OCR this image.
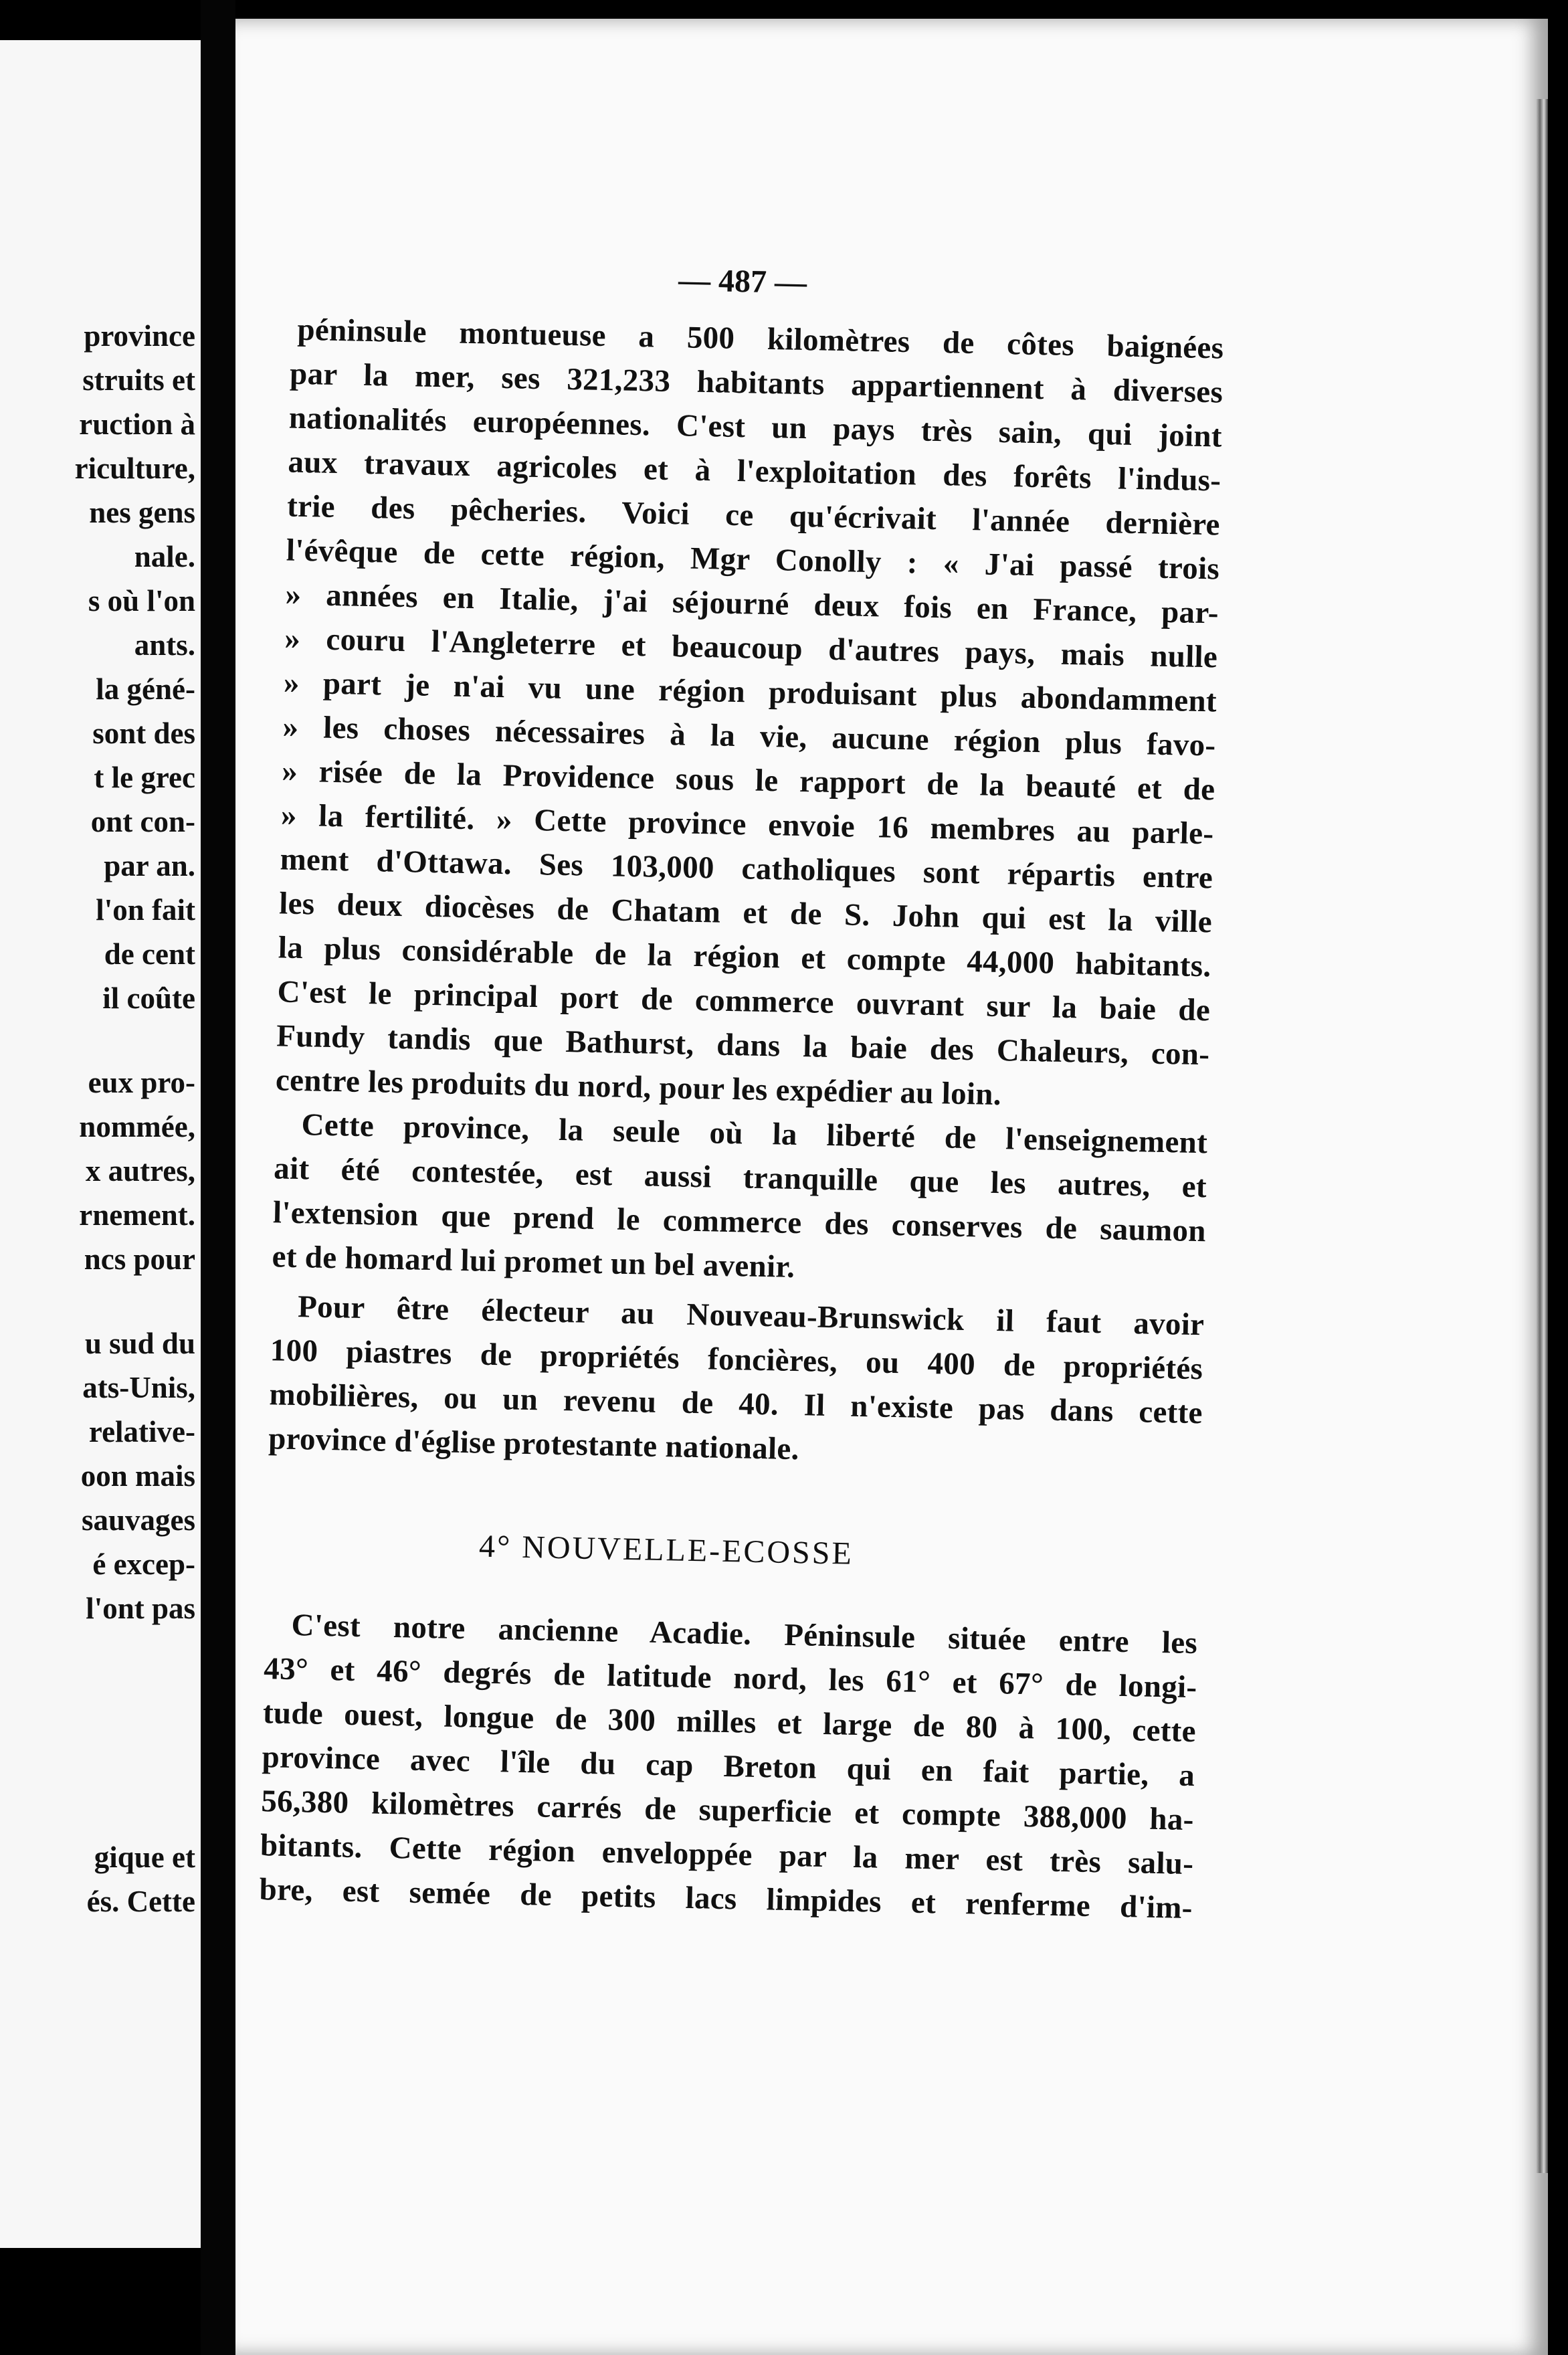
province
struits et
ruction à
riculture,
nes gens
nale.
s où l'on
ants.
la géné-
sont des
t le grec
ont con-
par an.
l'on fait
de cent
il coûte
eux pro-
nommée,
x autres,
rnement.
ncs pour
u sud du
ats-Unis,
relative-
oon mais
sauvages
é excep-
l'ont pas
gique et
és. Cette
— 487 —
péninsule montueuse a 500 kilomètres de côtes baignées
par la mer, ses 321,233 habitants appartiennent à diverses
nationalités européennes. C'est un pays très sain, qui joint
aux travaux agricoles et à l'exploitation des forêts l'indus-
trie des pêcheries. Voici ce qu'écrivait l'année dernière
l'évêque de cette région, Mgr Conolly : « J'ai passé trois
» années en Italie, j'ai séjourné deux fois en France, par-
» couru l'Angleterre et beaucoup d'autres pays, mais nulle
» part je n'ai vu une région produisant plus abondamment
» les choses nécessaires à la vie, aucune région plus favo-
» risée de la Providence sous le rapport de la beauté et de
» la fertilité. » Cette province envoie 16 membres au parle-
ment d'Ottawa. Ses 103,000 catholiques sont répartis entre
les deux diocèses de Chatam et de S. John qui est la ville
la plus considérable de la région et compte 44,000 habitants.
C'est le principal port de commerce ouvrant sur la baie de
Fundy tandis que Bathurst, dans la baie des Chaleurs, con-
centre les produits du nord, pour les expédier au loin.
Cette province, la seule où la liberté de l'enseignement
ait été contestée, est aussi tranquille que les autres, et
l'extension que prend le commerce des conserves de saumon
et de homard lui promet un bel avenir.
Pour être électeur au Nouveau-Brunswick il faut avoir
100 piastres de propriétés foncières, ou 400 de propriétés
mobilières, ou un revenu de 40. Il n'existe pas dans cette
province d'église protestante nationale.
4° NOUVELLE-ECOSSE
C'est notre ancienne Acadie. Péninsule située entre les
43° et 46° degrés de latitude nord, les 61° et 67° de longi-
tude ouest, longue de 300 milles et large de 80 à 100, cette
province avec l'île du cap Breton qui en fait partie, a
56,380 kilomètres carrés de superficie et compte 388,000 ha-
bitants. Cette région enveloppée par la mer est très salu-
bre, est semée de petits lacs limpides et renferme d'im-
